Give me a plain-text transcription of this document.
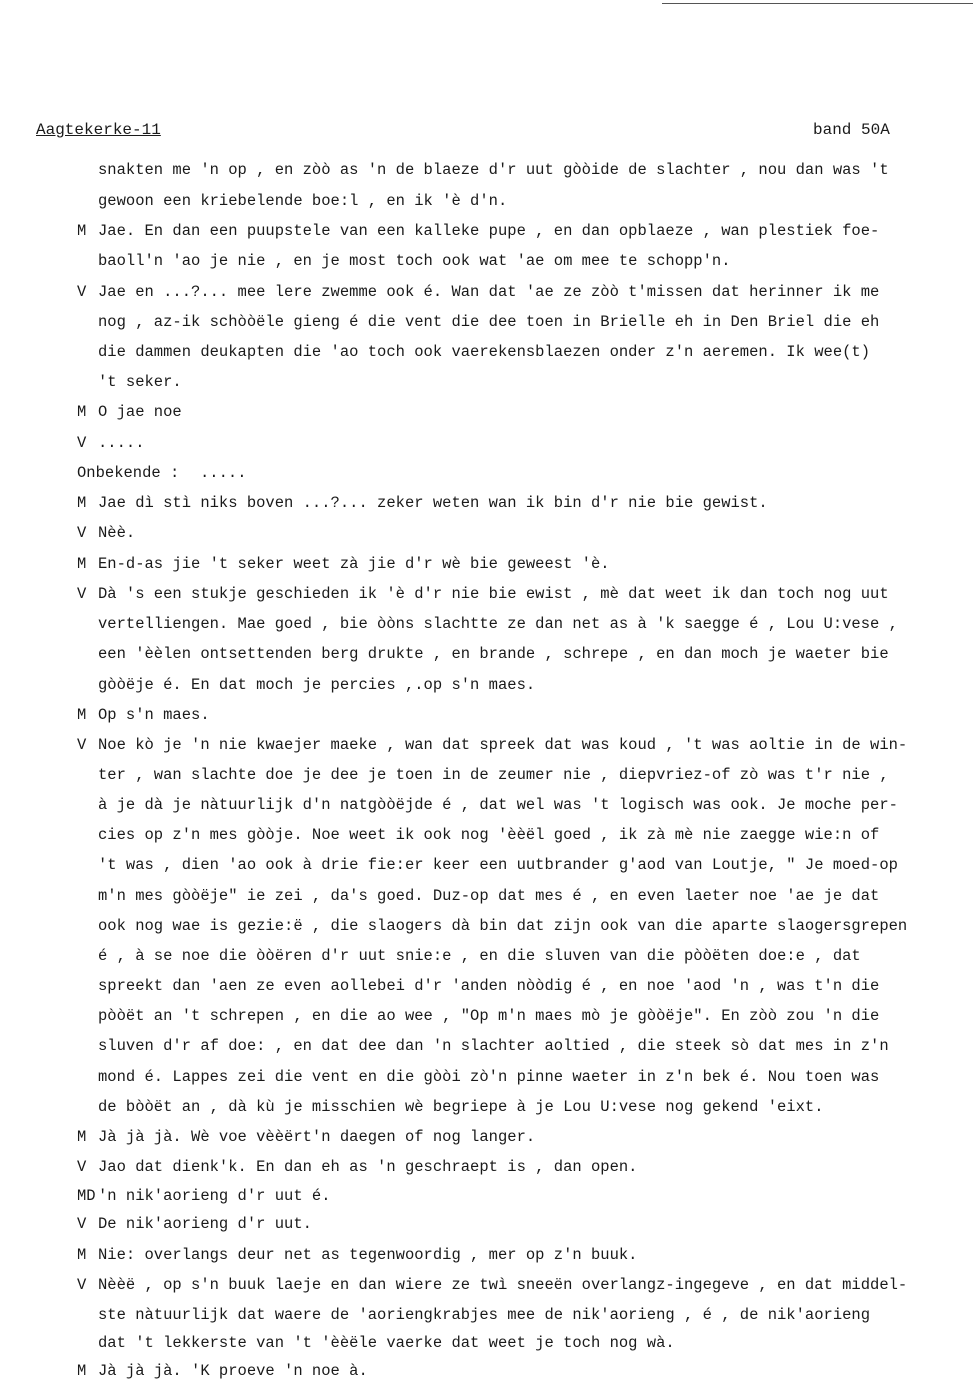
Aagtekerke-11	band 50A
snakten me 'n op , en zòò as 'n de blaeze d'r uut gòòide de slachter , nou dan was 't
gewoon een kriebelende boe:l , en ik 'è d'n.
M Jae. En dan een puupstele van een kalleke pupe , en dan opblaeze , wan plestiek foe-
baoll'n 'ao je nie , en je most toch ook wat 'ae om mee te schopp'n.
V Jae en ...?... mee lere zwemme ook é. Wan dat 'ae ze zòò t'missen dat herinner ik me
nog , az-ik schòòële gieng é die vent die dee toen in Brielle eh in Den Briel die eh
die dammen deukapten die 'ao toch ook vaerekensblaezen onder z'n aeremen. Ik wee(t)
't seker.
M O jae noe
V .....
Onbekende : .....
M Jae dì stì niks boven ...?... zeker weten wan ik bin d'r nie bie gewist.
V Nèè.
M En-d-as jie 't seker weet zà jie d'r wè bie geweest 'è.
V Dà 's een stukje geschieden ik 'è d'r nie bie ewist , mè dat weet ik dan toch nog uut
vertelliengen. Mae goed , bie òòns slachtte ze dan net as à 'k saegge é , Lou U:vese ,
een 'èèlen ontsettenden berg drukte , en brande , schrepe , en dan moch je waeter bie
gòòëje é. En dat moch je percies ,.op s'n maes.
M Op s'n maes.
V Noe kò je 'n nie kwaejer maeke , wan dat spreek dat was koud , 't was aoltie in de win-
ter , wan slachte doe je dee je toen in de zeumer nie , diepvriez-of zò was t'r nie ,
à je dà je nàtuurlijk d'n natgòòëjde é , dat wel was 't logisch was ook. Je moche per-
cies op z'n mes gòòje. Noe weet ik ook nog 'èèël goed , ik zà mè nie zaegge wie:n of
't was , dien 'ao ook à drie fie:er keer een uutbrander g'aod van Loutje, " Je moed-op
m'n mes gòòëje" ie zei , da's goed. Duz-op dat mes é , en even laeter noe 'ae je dat
ook nog wae is gezie:ë , die slaogers dà bin dat zijn ook van die aparte slaogersgrepen
é , à se noe die òòëren d'r uut snie:e , en die sluven van die pòòëten doe:e , dat
spreekt dan 'aen ze even aollebei d'r 'anden nòòdig é , en noe 'aod 'n , was t'n die
pòòët an 't schrepen , en die ao wee , "Op m'n maes mò je gòòëje". En zòò zou 'n die
sluven d'r af doe: , en dat dee dan 'n slachter aoltied , die steek sò dat mes in z'n
mond é. Lappes zei die vent en die gòòi zò'n pinne waeter in z'n bek é. Nou toen was
de bòòët an , dà kù je misschien wè begriepe à je Lou U:vese nog gekend 'eixt.
M Jà jà jà. Wè voe vèèërt'n daegen of nog langer.
V Jao dat dienk'k. En dan eh as 'n geschraept is , dan open.
MD 'n nik'aorieng d'r uut é.
V De nik'aorieng d'r uut.
M Nie: overlangs deur net as tegenwoordig , mer op z'n buuk.
V Nèèë , op s'n buuk laeje en dan wiere ze twì sneeën overlangz-ingegeve , en dat middel-
ste nàtuurlijk dat waere de 'aoriengkrabjes mee de nik'aorieng , é , de nik'aorieng
dat 't lekkerste van 't 'èèële vaerke dat weet je toch nog wà.
M Jà jà jà. 'K proeve 'n noe à.
